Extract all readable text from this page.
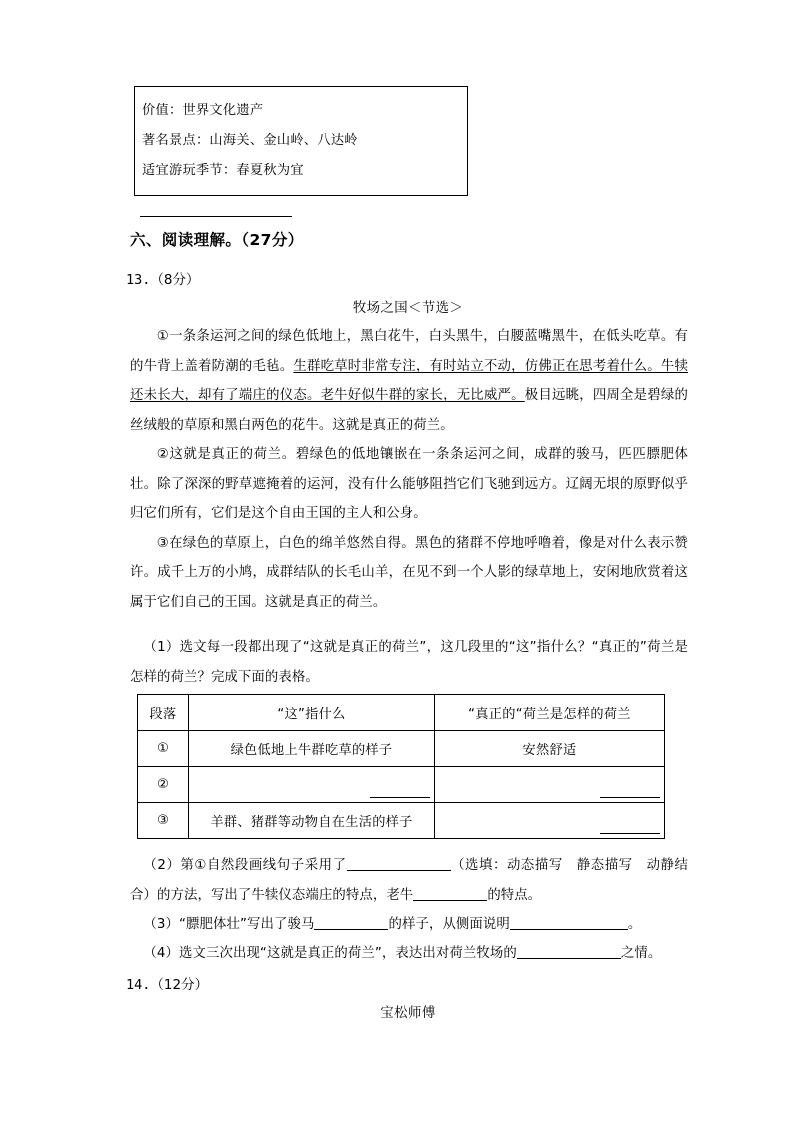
价值：世界文化遗产
著名景点：山海关、金山岭、八达岭
适宜游玩季节：春夏秋为宜
六、阅读理解。（27分）
13.（8分）
牧场之国＜节选＞

①一条条运河之间的绿色低地上，黑白花牛，白头黑牛，白腰蓝嘴黑牛，在低头吃草。有的牛背上盖着防潮的毛毡。生群吃草时非常专注，有时站立不动，仿佛正在思考着什么。牛犊还未长大，却有了端庄的仪态。老牛好似牛群的家长，无比威严。极目远眺，四周全是碧绿的丝绒般的草原和黑白两色的花牛。这就是真正的荷兰。

②这就是真正的荷兰。碧绿色的低地镶嵌在一条条运河之间，成群的骏马，匹匹膘肥体壮。除了深深的野草遮掩着的运河，没有什么能够阻挡它们飞驰到远方。辽阔无垠的原野似乎归它们所有，它们是这个自由王国的主人和公身。

③在绿色的草原上，白色的绵羊悠然自得。黑色的猪群不停地呼噜着，像是对什么表示赞许。成千上万的小鸠，成群结队的长毛山羊，在见不到一个人影的绿草地上，安闲地欣赏着这属于它们自己的王国。这就是真正的荷兰。

（1）选文每一段都出现了“这就是真正的荷兰”，这几段里的“这”指什么？“真正的”荷兰是怎样的荷兰？完成下面的表格。
段落	“这”指什么	“真正的“荷兰是怎样的荷兰
①	绿色低地上牛群吃草的样子	安然舒适
②	

③	羊群、猪群等动物自在生活的样子	
（2）第①自然段画线句子采用了	（选填：动态描写　静态描写　动静结合）的方法，写出了牛犊仪态端庄的特点，老牛	的特点。
（3）“膘肥体壮”写出了骏马	的样子，从侧面说明	。
（4）选文三次出现“这就是真正的荷兰”，表达出对荷兰牧场的	之情。
14.（12分）
宝松师傅
